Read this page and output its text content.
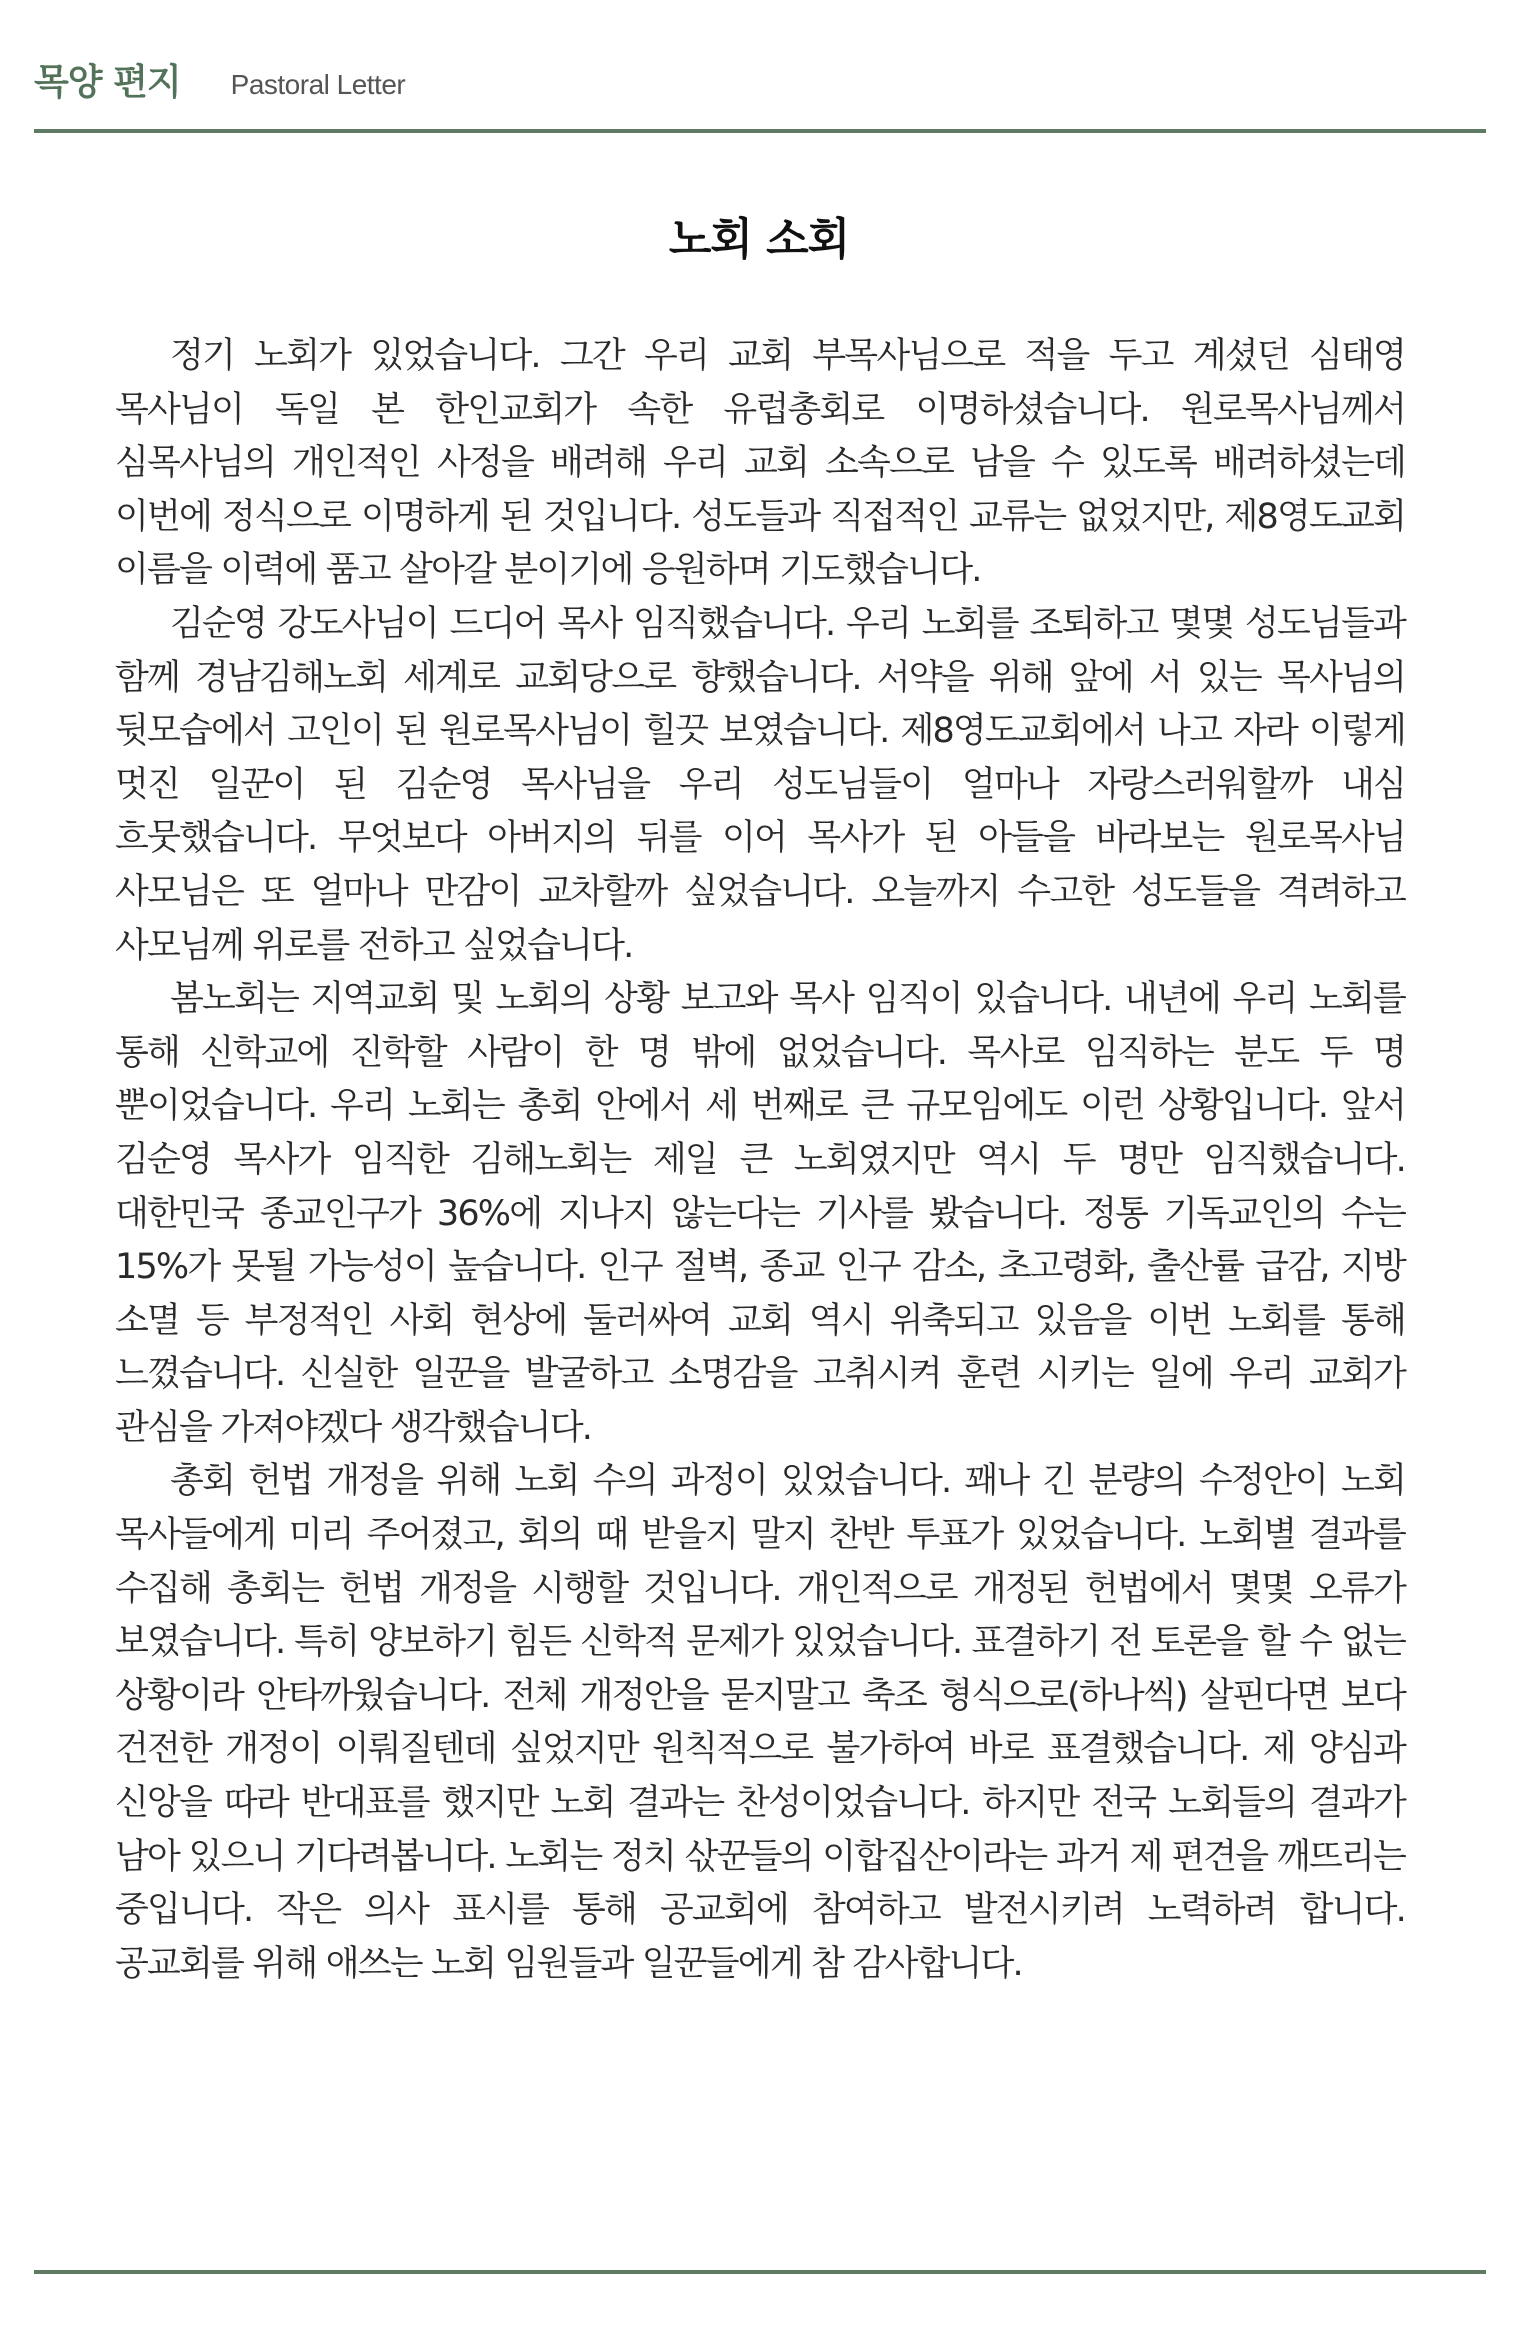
목양 편지 Pastoral Letter
노회 소회

정기 노회가 있었습니다. 그간 우리 교회 부목사님으로 적을 두고 계셨던 심태영 목사님이 독일 본 한인교회가 속한 유럽총회로 이명하셨습니다. 원로목사님께서 심목사님의 개인적인 사정을 배려해 우리 교회 소속으로 남을 수 있도록 배려하셨는데 이번에 정식으로 이명하게 된 것입니다. 성도들과 직접적인 교류는 없었지만, 제8영도교회 이름을 이력에 품고 살아갈 분이기에 응원하며 기도했습니다.

김순영 강도사님이 드디어 목사 임직했습니다. 우리 노회를 조퇴하고 몇몇 성도님들과 함께 경남김해노회 세계로 교회당으로 향했습니다. 서약을 위해 앞에 서 있는 목사님의 뒷모습에서 고인이 된 원로목사님이 힐끗 보였습니다. 제8영도교회에서 나고 자라 이렇게 멋진 일꾼이 된 김순영 목사님을 우리 성도님들이 얼마나 자랑스러워할까 내심 흐뭇했습니다. 무엇보다 아버지의 뒤를 이어 목사가 된 아들을 바라보는 원로목사님 사모님은 또 얼마나 만감이 교차할까 싶었습니다. 오늘까지 수고한 성도들을 격려하고 사모님께 위로를 전하고 싶었습니다.

봄노회는 지역교회 및 노회의 상황 보고와 목사 임직이 있습니다. 내년에 우리 노회를 통해 신학교에 진학할 사람이 한 명 밖에 없었습니다. 목사로 임직하는 분도 두 명 뿐이었습니다. 우리 노회는 총회 안에서 세 번째로 큰 규모임에도 이런 상황입니다. 앞서 김순영 목사가 임직한 김해노회는 제일 큰 노회였지만 역시 두 명만 임직했습니다. 대한민국 종교인구가 36%에 지나지 않는다는 기사를 봤습니다. 정통 기독교인의 수는 15%가 못될 가능성이 높습니다. 인구 절벽, 종교 인구 감소, 초고령화, 출산률 급감, 지방 소멸 등 부정적인 사회 현상에 둘러싸여 교회 역시 위축되고 있음을 이번 노회를 통해 느꼈습니다. 신실한 일꾼을 발굴하고 소명감을 고취시켜 훈련 시키는 일에 우리 교회가 관심을 가져야겠다 생각했습니다.

총회 헌법 개정을 위해 노회 수의 과정이 있었습니다. 꽤나 긴 분량의 수정안이 노회 목사들에게 미리 주어졌고, 회의 때 받을지 말지 찬반 투표가 있었습니다. 노회별 결과를 수집해 총회는 헌법 개정을 시행할 것입니다. 개인적으로 개정된 헌법에서 몇몇 오류가 보였습니다. 특히 양보하기 힘든 신학적 문제가 있었습니다. 표결하기 전 토론을 할 수 없는 상황이라 안타까웠습니다. 전체 개정안을 묻지말고 축조 형식으로(하나씩) 살핀다면 보다 건전한 개정이 이뤄질텐데 싶었지만 원칙적으로 불가하여 바로 표결했습니다. 제 양심과 신앙을 따라 반대표를 했지만 노회 결과는 찬성이었습니다. 하지만 전국 노회들의 결과가 남아 있으니 기다려봅니다. 노회는 정치 삯꾼들의 이합집산이라는 과거 제 편견을 깨뜨리는 중입니다. 작은 의사 표시를 통해 공교회에 참여하고 발전시키려 노력하려 합니다. 공교회를 위해 애쓰는 노회 임원들과 일꾼들에게 참 감사합니다.
